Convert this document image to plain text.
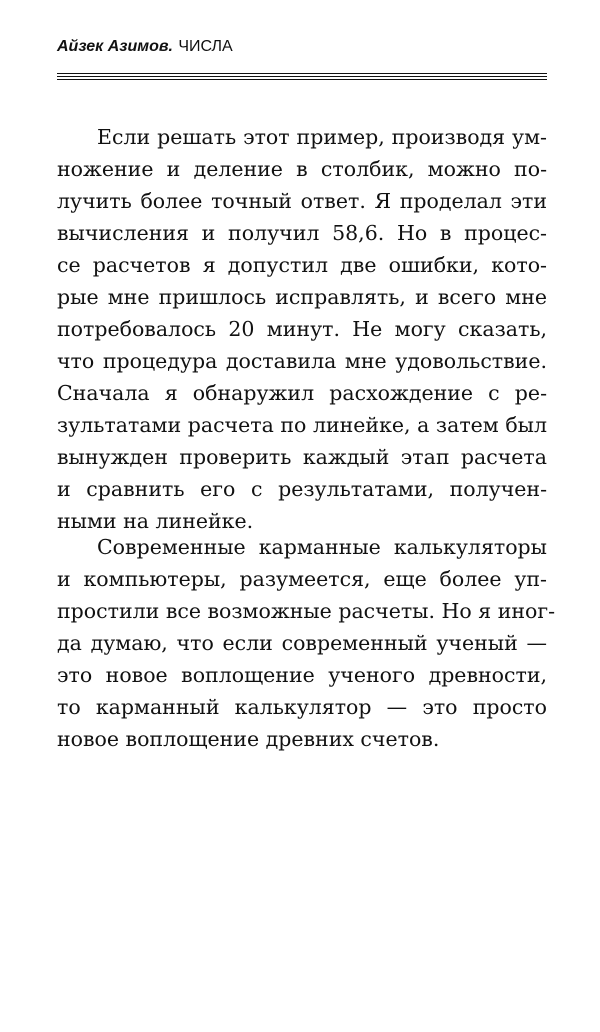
Айзек Азимов. ЧИСЛА
Если решать этот пример, производя ум-
ножение и деление в столбик, можно по-
лучить более точный ответ. Я проделал эти
вычисления и получил 58,6. Но в процес-
се расчетов я допустил две ошибки, кото-
рые мне пришлось исправлять, и всего мне
потребовалось 20 минут. Не могу сказать,
что процедура доставила мне удовольствие.
Сначала я обнаружил расхождение с ре-
зультатами расчета по линейке, а затем был
вынужден проверить каждый этап расчета
и сравнить его с результатами, получен-
ными на линейке.
Современные карманные калькуляторы
и компьютеры, разумеется, еще более уп-
простили все возможные расчеты. Но я иног-
да думаю, что если современный ученый —
это новое воплощение ученого древности,
то карманный калькулятор — это просто
новое воплощение древних счетов.
